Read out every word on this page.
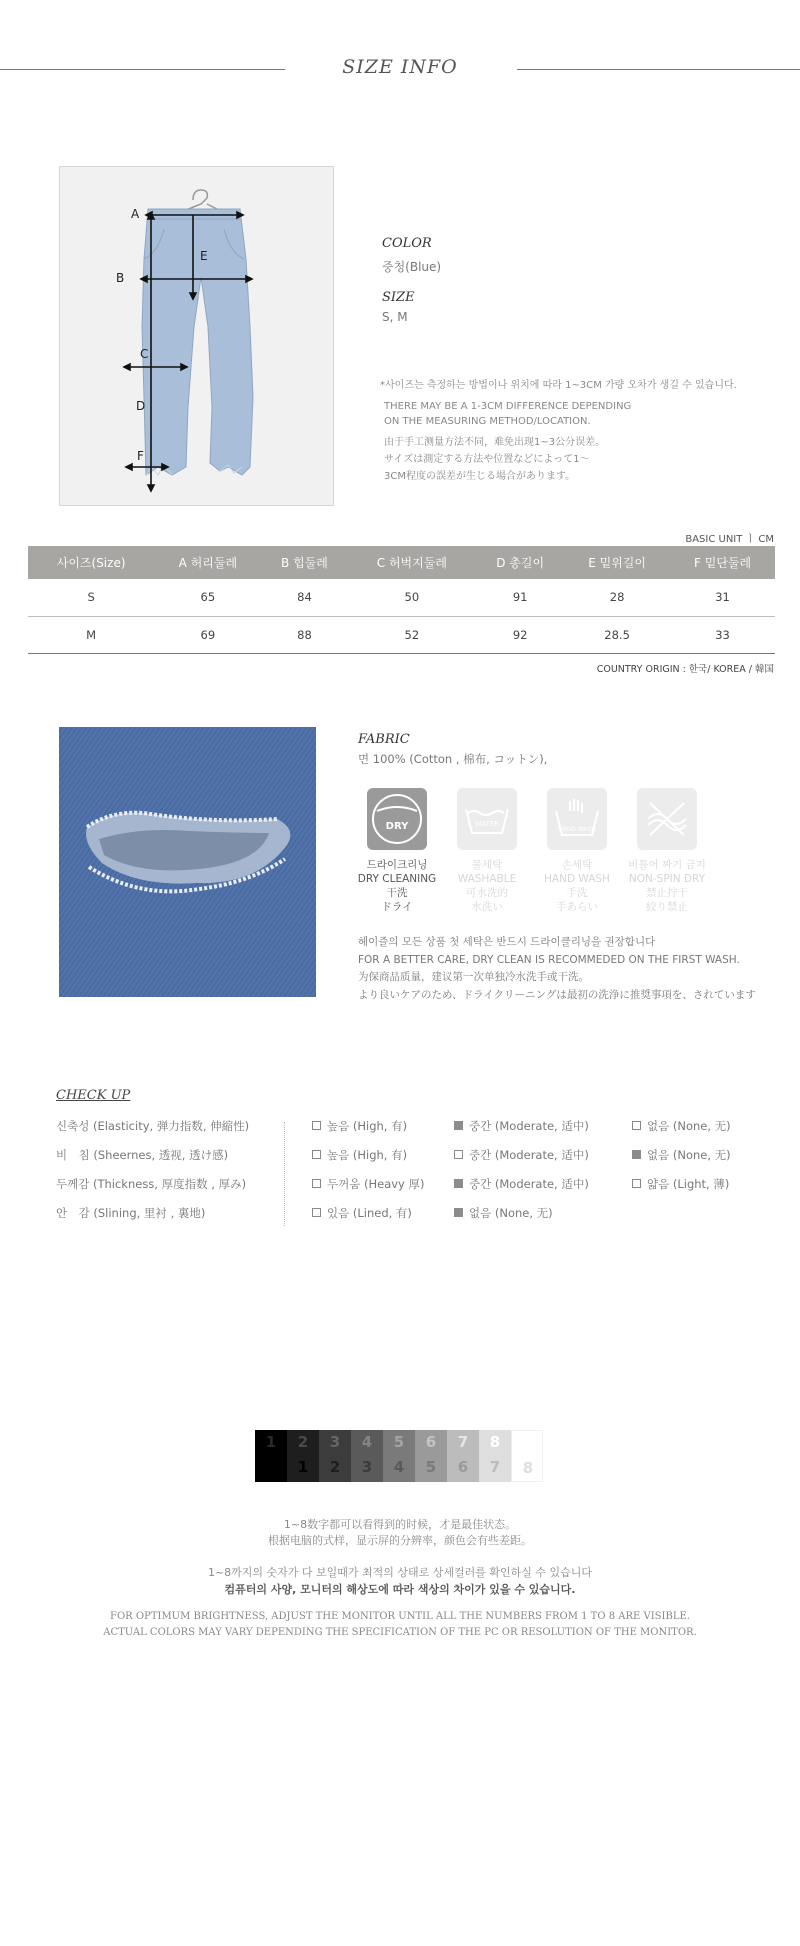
SIZE INFO
A
B
C
D
E
F
COLOR
중청(Blue)
SIZE
S, M
*사이즈는 측정하는 방법이나 위치에 따라 1~3CM 가량 오차가 생길 수 있습니다.
THERE MAY BE A 1-3CM DIFFERENCE DEPENDING
ON THE MEASURING METHOD/LOCATION.
由于手工测量方法不同，难免出现1~3公分误差。
サイズは測定する方法や位置などによって1～
3CM程度の誤差が生じる場合があります。
BASIC UNIT ㅣ CM
사이즈(Size)	A 허리둘레	B 힙둘레	C 허벅지둘레	D 총길이	E 밑위길이	F 밑단둘레
S	65	84	50	91	28	31
M	69	88	52	92	28.5	33
COUNTRY ORIGIN : 한국/ KOREA / 韓国
FABRIC
면 100% (Cotton , 棉布, コットン),
DRY
드라이크리닝
DRY CLEANING
干洗
ドライ
WATER
물세탁
WASHABLE
可水洗的
水洗い
HAND WASH
손세탁
HAND WASH
手洗
手あらい
비틀어 짜기 금지
NON-SPIN DRY
禁止拧干
絞り禁止
헤이즐의 모든 상품 첫 세탁은 반드시 드라이클리닝을 권장합니다
FOR A BETTER CARE, DRY CLEAN IS RECOMMEDED ON THE FIRST WASH.
为保商品质量，建议第一次单独冷水洗手或干洗。
より良いケアのため、ドライクリーニングは最初の洗浄に推奨事項を、されています
CHECK UP
신축성 (Elasticity, 弹力指数, 伸縮性)	높음 (High, 有)	중간 (Moderate, 适中)	없음 (None, 无)
비　침 (Sheernes, 透视, 透け感)	높음 (High, 有)	중간 (Moderate, 适中)	없음 (None, 无)
두께감 (Thickness, 厚度指数 , 厚み)	두꺼움 (Heavy 厚)	중간 (Moderate, 适中)	얇음 (Light, 薄)
안　감 (Slining, 里衬 , 裏地)	있음 (Lined, 有)	없음 (None, 无)
1	2
1
3
2
4
3
5
4
6
5
7
6
8
7	8
1~8数字都可以看得到的时候，才是最佳状态。
根据电脑的式样，显示屏的分辨率，颜色会有些差距。
1~8까지의 숫자가 다 보일때가 최적의 상태로 상세컬러를 확인하실 수 있습니다
컴퓨터의 사양, 모니터의 해상도에 따라 색상의 차이가 있을 수 있습니다.
FOR OPTIMUM BRIGHTNESS, ADJUST THE MONITOR UNTIL ALL THE NUMBERS FROM 1 TO 8 ARE VISIBLE.
ACTUAL COLORS MAY VARY DEPENDING THE SPECIFICATION OF THE PC OR RESOLUTION OF THE MONITOR.
